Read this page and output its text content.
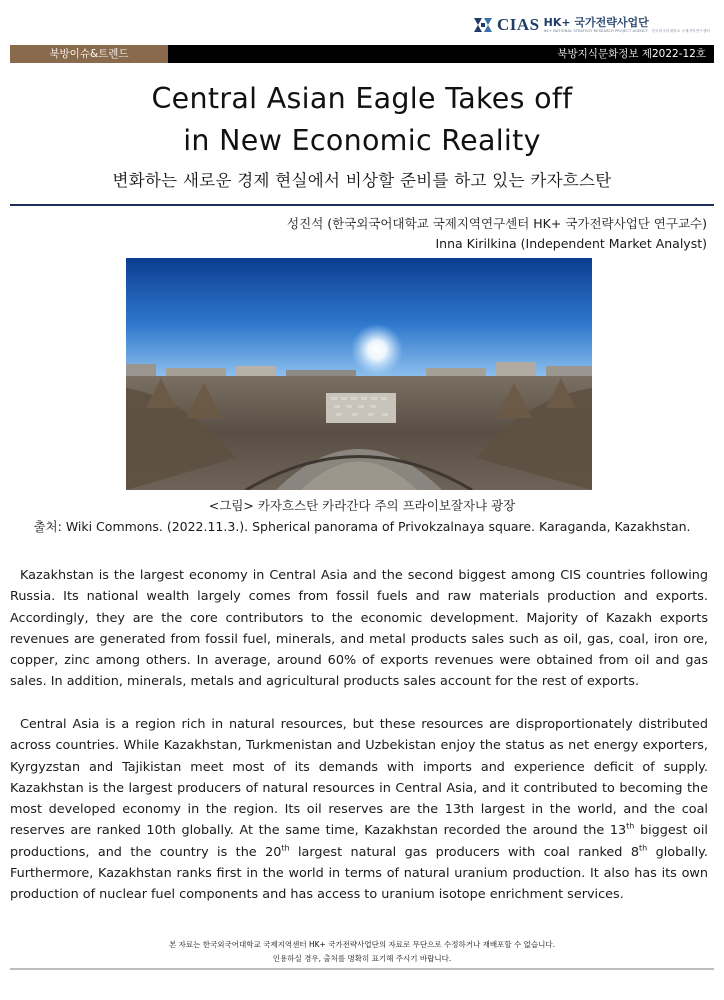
CIAS HK+ 국가전략사업단
HK+ NATIONAL STRATEGY RESEARCH PROJECT AGENCY · 한국외국어대학교 국제지역연구센터
북방이슈&트렌드	북방지식문화정보 제2022-12호
Central Asian Eagle Takes off
in New Economic Reality
변화하는 새로운 경제 현실에서 비상할 준비를 하고 있는 카자흐스탄
성진석 (한국외국어대학교 국제지역연구센터 HK+ 국가전략사업단 연구교수)
Inna Kirilkina (Independent Market Analyst)
<그림> 카자흐스탄 카라간다 주의 프라이보잘자냐 광장
출처: Wiki Commons. (2022.11.3.). Spherical panorama of Privokzalnaya square. Karaganda, Kazakhstan.

Kazakhstan is the largest economy in Central Asia and the second biggest among CIS countries following Russia. Its national wealth largely comes from fossil fuels and raw materials production and exports. Accordingly, they are the core contributors to the economic development. Majority of Kazakh exports revenues are generated from fossil fuel, minerals, and metal products sales such as oil, gas, coal, iron ore, copper, zinc among others. In average, around 60% of exports revenues were obtained from oil and gas sales. In addition, minerals, metals and agricultural products sales account for the rest of exports.

Central Asia is a region rich in natural resources, but these resources are disproportionately distributed across countries. While Kazakhstan, Turkmenistan and Uzbekistan enjoy the status as net energy exporters, Kyrgyzstan and Tajikistan meet most of its demands with imports and experience deficit of supply. Kazakhstan is the largest producers of natural resources in Central Asia, and it contributed to becoming the most developed economy in the region. Its oil reserves are the 13th largest in the world, and the coal reserves are ranked 10th globally. At the same time, Kazakhstan recorded the around the 13th biggest oil productions, and the country is the 20th largest natural gas producers with coal ranked 8th globally. Furthermore, Kazakhstan ranks first in the world in terms of natural uranium production. It also has its own production of nuclear fuel components and has access to uranium isotope enrichment services.

본 자료는 한국외국어대학교 국제지역센터 HK+ 국가전략사업단의 자료로 무단으로 수정하거나 재배포할 수 없습니다.
인용하실 경우, 출처를 명확히 표기해 주시기 바랍니다.
